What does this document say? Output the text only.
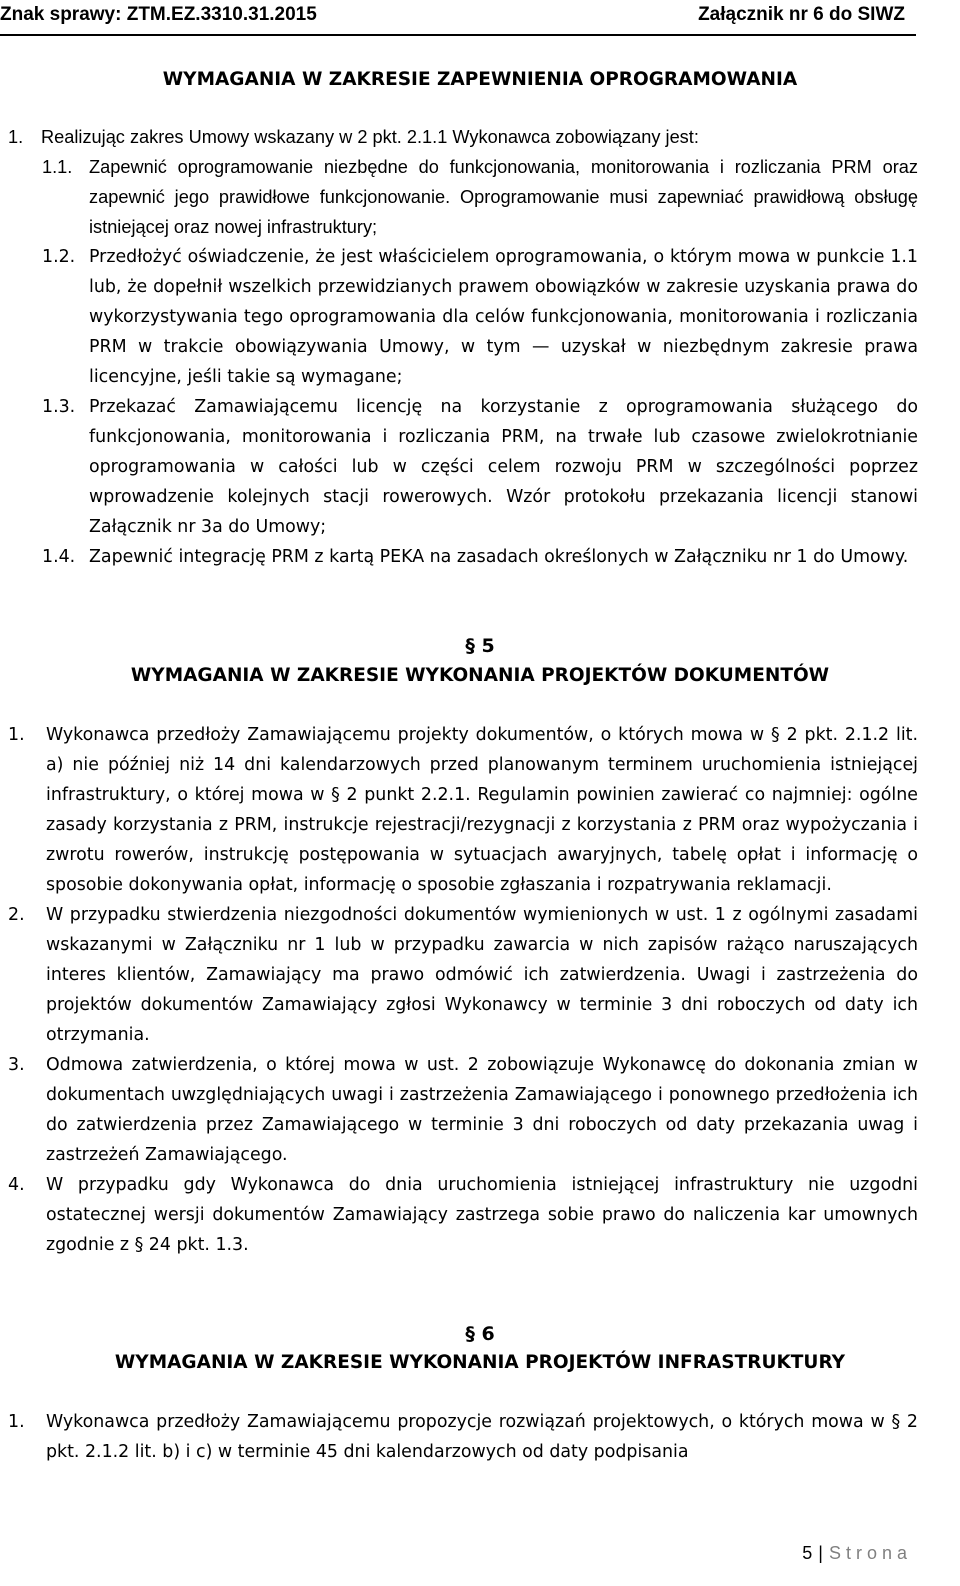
Znak sprawy: ZTM.EZ.3310.31.2015	Załącznik nr 6 do SIWZ
WYMAGANIA W ZAKRESIE ZAPEWNIENIA OPROGRAMOWANIA
1. Realizując zakres Umowy wskazany w 2 pkt. 2.1.1 Wykonawca zobowiązany jest:
1.1. Zapewnić oprogramowanie niezbędne do funkcjonowania, monitorowania i rozliczania PRM oraz zapewnić jego prawidłowe funkcjonowanie. Oprogramowanie musi zapewniać prawidłową obsługę istniejącej oraz nowej infrastruktury;
1.2. Przedłożyć oświadczenie, że jest właścicielem oprogramowania, o którym mowa w punkcie 1.1 lub, że dopełnił wszelkich przewidzianych prawem obowiązków w zakresie uzyskania prawa do wykorzystywania tego oprogramowania dla celów funkcjonowania, monitorowania i rozliczania PRM w trakcie obowiązywania Umowy, w tym — uzyskał w niezbędnym zakresie prawa licencyjne, jeśli takie są wymagane;
1.3. Przekazać Zamawiającemu licencję na korzystanie z oprogramowania służącego do funkcjonowania, monitorowania i rozliczania PRM, na trwałe lub czasowe zwielokrotnianie oprogramowania w całości lub w części celem rozwoju PRM w szczególności poprzez wprowadzenie kolejnych stacji rowerowych. Wzór protokołu przekazania licencji stanowi Załącznik nr 3a do Umowy;
1.4. Zapewnić integrację PRM z kartą PEKA na zasadach określonych w Załączniku nr 1 do Umowy.
§ 5
WYMAGANIA W ZAKRESIE WYKONANIA PROJEKTÓW DOKUMENTÓW
1. Wykonawca przedłoży Zamawiającemu projekty dokumentów, o których mowa w § 2 pkt. 2.1.2 lit. a) nie później niż 14 dni kalendarzowych przed planowanym terminem uruchomienia istniejącej infrastruktury, o której mowa w § 2 punkt 2.2.1. Regulamin powinien zawierać co najmniej: ogólne zasady korzystania z PRM, instrukcje rejestracji/rezygnacji z korzystania z PRM oraz wypożyczania i zwrotu rowerów, instrukcję postępowania w sytuacjach awaryjnych, tabelę opłat i informację o sposobie dokonywania opłat, informację o sposobie zgłaszania i rozpatrywania reklamacji.
2. W przypadku stwierdzenia niezgodności dokumentów wymienionych w ust. 1 z ogólnymi zasadami wskazanymi w Załączniku nr 1 lub w przypadku zawarcia w nich zapisów rażąco naruszających interes klientów, Zamawiający ma prawo odmówić ich zatwierdzenia. Uwagi i zastrzeżenia do projektów dokumentów Zamawiający zgłosi Wykonawcy w terminie 3 dni roboczych od daty ich otrzymania.
3. Odmowa zatwierdzenia, o której mowa w ust. 2 zobowiązuje Wykonawcę do dokonania zmian w dokumentach uwzględniających uwagi i zastrzeżenia Zamawiającego i ponownego przedłożenia ich do zatwierdzenia przez Zamawiającego w terminie 3 dni roboczych od daty przekazania uwag i zastrzeżeń Zamawiającego.
4. W przypadku gdy Wykonawca do dnia uruchomienia istniejącej infrastruktury nie uzgodni ostatecznej wersji dokumentów Zamawiający zastrzega sobie prawo do naliczenia kar umownych zgodnie z § 24 pkt. 1.3.
§ 6
WYMAGANIA W ZAKRESIE WYKONANIA PROJEKTÓW INFRASTRUKTURY
1. Wykonawca przedłoży Zamawiającemu propozycje rozwiązań projektowych, o których mowa w § 2 pkt. 2.1.2 lit. b) i c) w terminie 45 dni kalendarzowych od daty podpisania
5 | Strona
